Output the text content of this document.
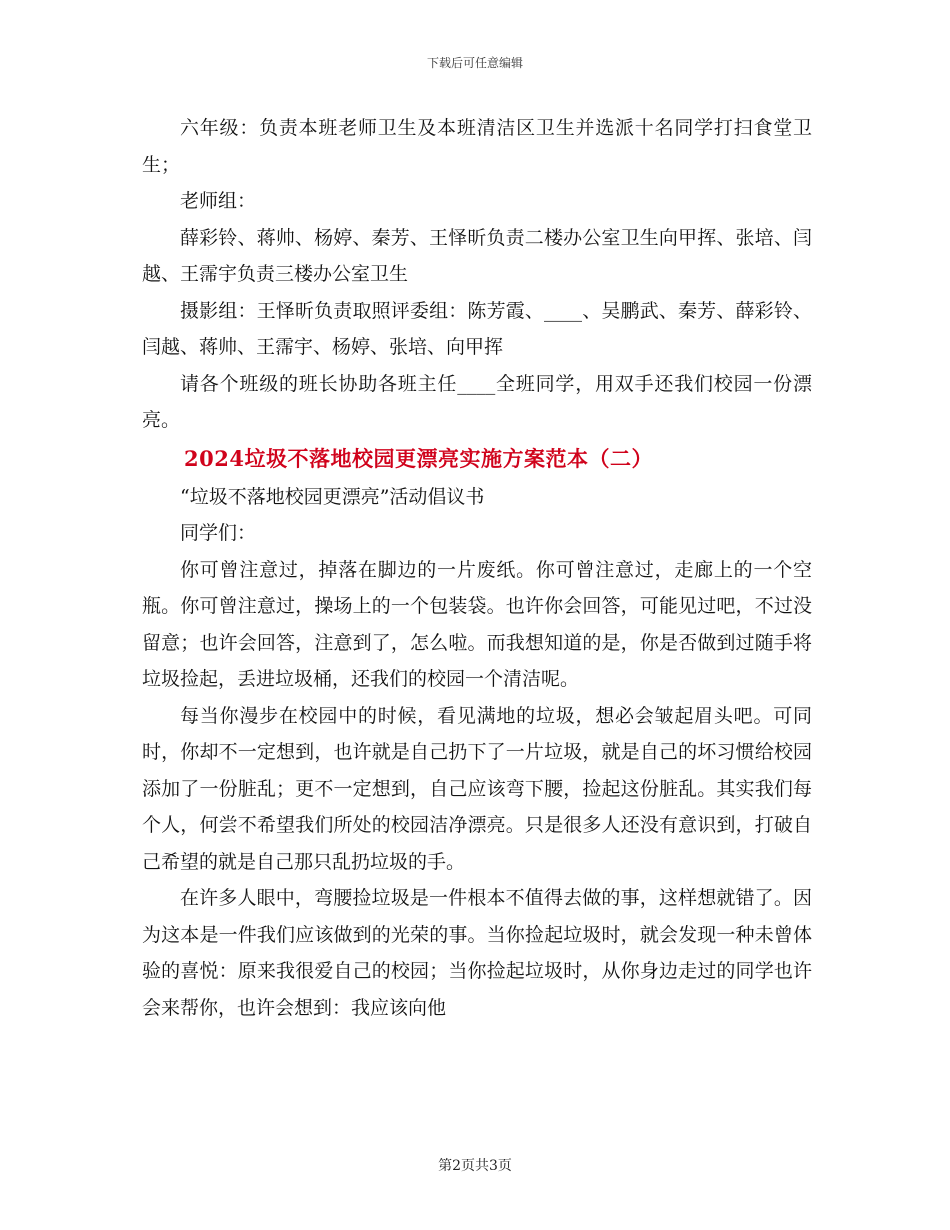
下载后可任意编辑

六年级：负责本班老师卫生及本班清洁区卫生并选派十名同学打扫食堂卫生；

老师组：

薛彩铃、蒋帅、杨婷、秦芳、王怿昕负责二楼办公室卫生向甲挥、张培、闫越、王霈宇负责三楼办公室卫生

摄影组：王怿昕负责取照评委组：陈芳霞、____、吴鹏武、秦芳、薛彩铃、闫越、蒋帅、王霈宇、杨婷、张培、向甲挥

请各个班级的班长协助各班主任____全班同学，用双手还我们校园一份漂亮。

2024垃圾不落地校园更漂亮实施方案范本（二）

“垃圾不落地校园更漂亮”活动倡议书

同学们：

你可曾注意过，掉落在脚边的一片废纸。你可曾注意过，走廊上的一个空瓶。你可曾注意过，操场上的一个包装袋。也许你会回答，可能见过吧，不过没留意；也许会回答，注意到了，怎么啦。而我想知道的是，你是否做到过随手将垃圾捡起，丢进垃圾桶，还我们的校园一个清洁呢。

每当你漫步在校园中的时候，看见满地的垃圾，想必会皱起眉头吧。可同时，你却不一定想到，也许就是自己扔下了一片垃圾，就是自己的坏习惯给校园添加了一份脏乱；更不一定想到，自己应该弯下腰，捡起这份脏乱。其实我们每个人，何尝不希望我们所处的校园洁净漂亮。只是很多人还没有意识到，打破自己希望的就是自己那只乱扔垃圾的手。

在许多人眼中，弯腰捡垃圾是一件根本不值得去做的事，这样想就错了。因为这本是一件我们应该做到的光荣的事。当你捡起垃圾时，就会发现一种未曾体验的喜悦：原来我很爱自己的校园；当你捡起垃圾时，从你身边走过的同学也许会来帮你，也许会想到：我应该向他

第2页共3页
